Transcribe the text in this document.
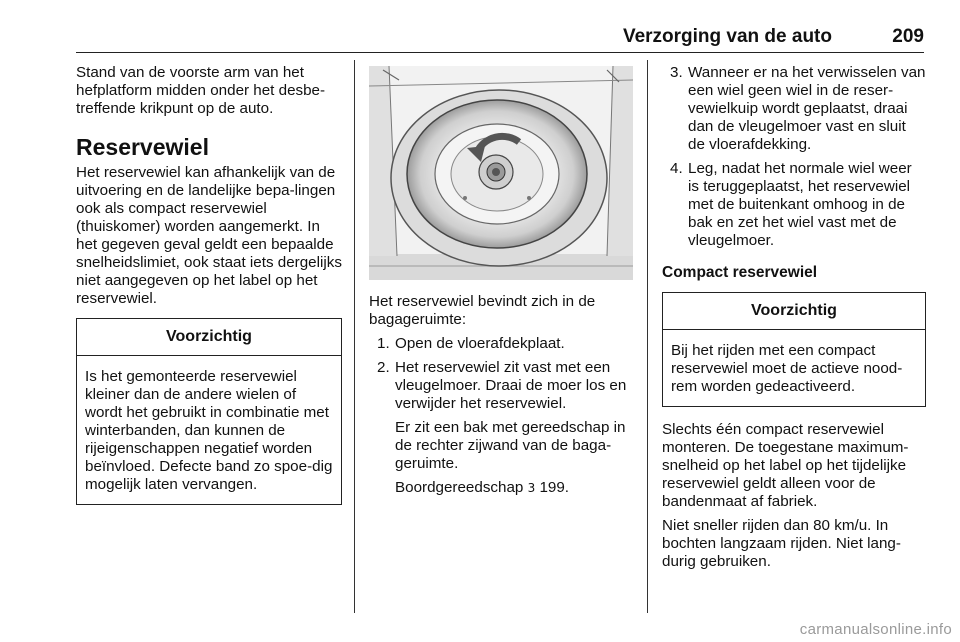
Verzorging van de auto	209

Stand van de voorste arm van het hefplatform midden onder het desbe-treffende krikpunt op de auto.

Reservewiel

Het reservewiel kan afhankelijk van de uitvoering en de landelijke bepa-lingen ook als compact reservewiel (thuiskomer) worden aangemerkt. In het gegeven geval geldt een bepaalde snelheidslimiet, ook staat iets dergelijks niet aangegeven op het label op het reservewiel.

Voorzichtig
Is het gemonteerde reservewiel kleiner dan de andere wielen of wordt het gebruikt in combinatie met winterbanden, dan kunnen de rijeigenschappen negatief worden beïnvloed. Defecte band zo spoe-dig mogelijk laten vervangen.

Het reservewiel bevindt zich in de bagageruimte:

1. Open de vloerafdekplaat.

2. Het reservewiel zit vast met een vleugelmoer. Draai de moer los en verwijder het reservewiel.

Er zit een bak met gereedschap in de rechter zijwand van de baga-geruimte.

Boordgereedschap 3 199.

3. Wanneer er na het verwisselen van een wiel geen wiel in de reser-vewielkuip wordt geplaatst, draai dan de vleugelmoer vast en sluit de vloerafdekking.

4. Leg, nadat het normale wiel weer is teruggeplaatst, het reservewiel met de buitenkant omhoog in de bak en zet het wiel vast met de vleugelmoer.

Compact reservewiel
Voorzichtig
Bij het rijden met een compact reservewiel moet de actieve nood-rem worden gedeactiveerd.

Slechts één compact reservewiel monteren. De toegestane maximum-snelheid op het label op het tijdelijke reservewiel geldt alleen voor de bandenmaat af fabriek.

Niet sneller rijden dan 80 km/u. In bochten langzaam rijden. Niet lang-durig gebruiken.

carmanualsonline.info
